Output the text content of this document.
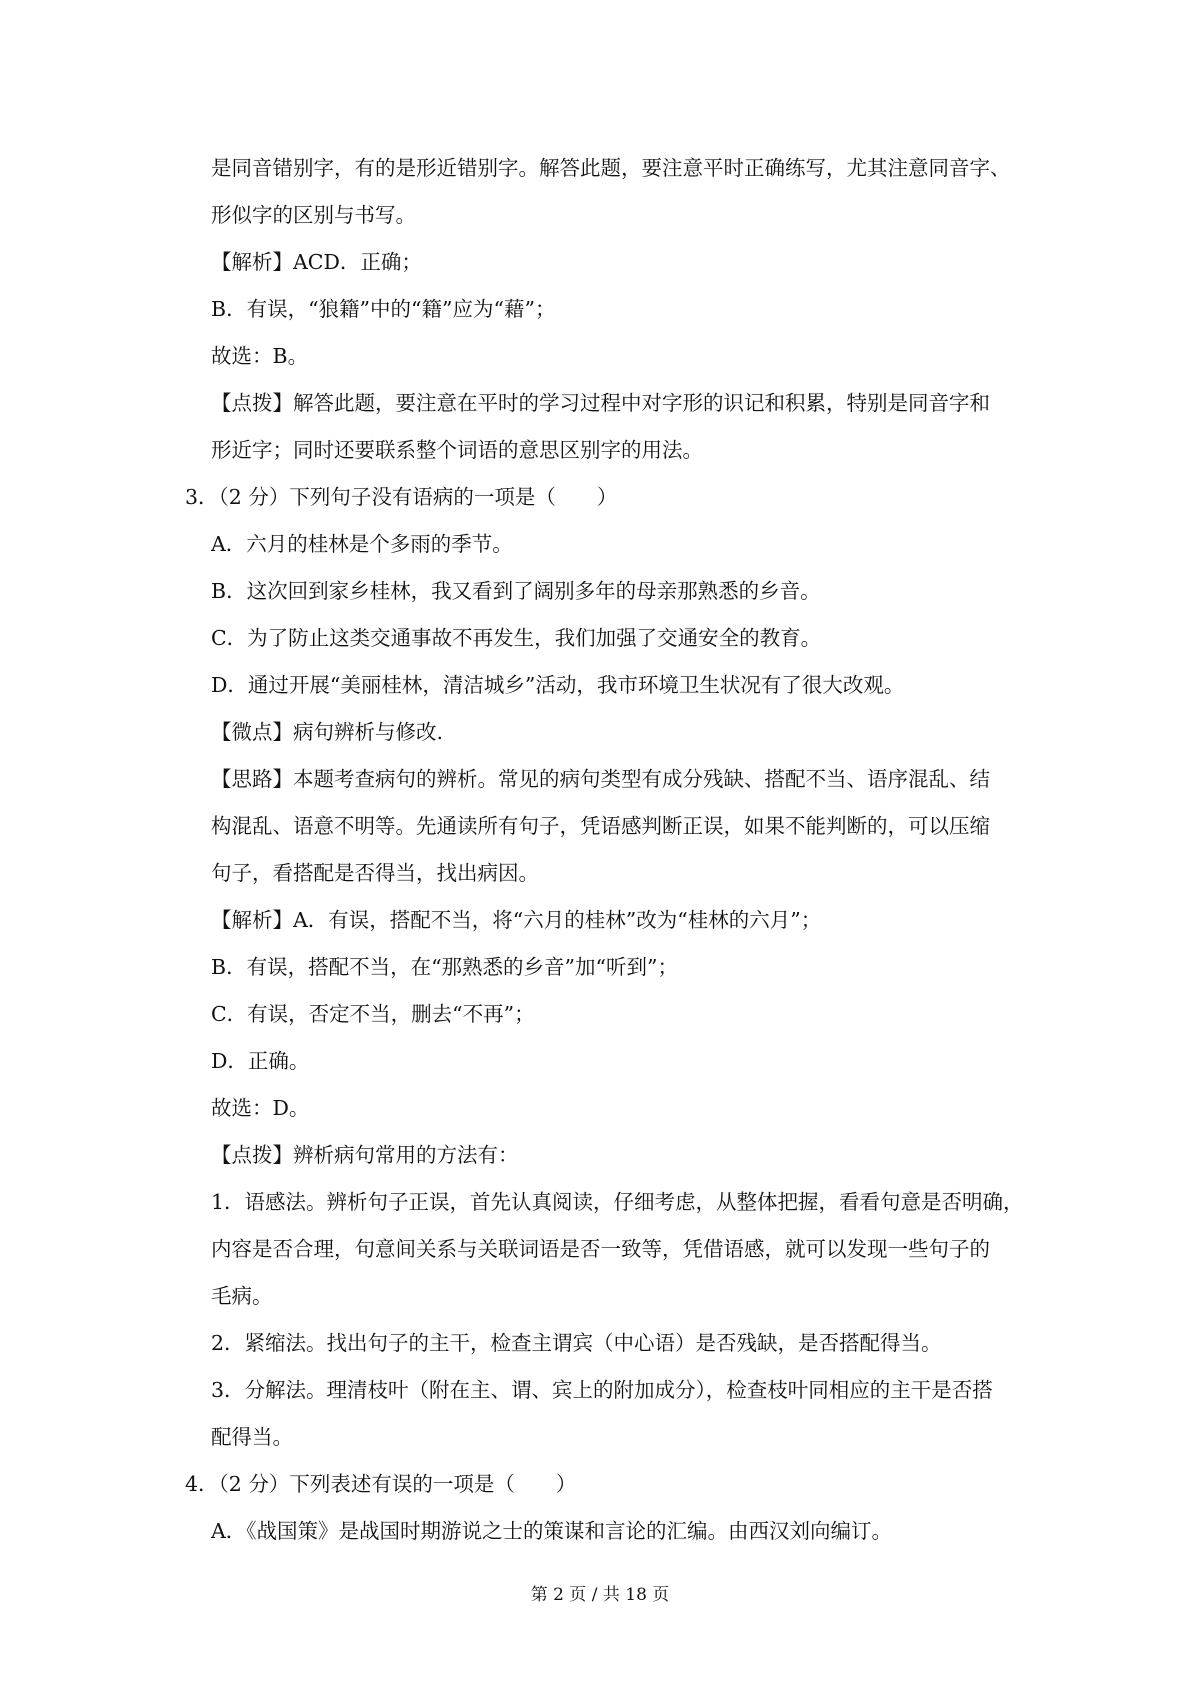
是同音错别字，有的是形近错别字。解答此题，要注意平时正确练写，尤其注意同音字、
形似字的区别与书写。
【解析】ACD．正确；
B．有误，“狼籍”中的“籍”应为“藉”；
故选：B。
【点拨】解答此题，要注意在平时的学习过程中对字形的识记和积累，特别是同音字和
形近字；同时还要联系整个词语的意思区别字的用法。
3．（2 分）下列句子没有语病的一项是（　　）
A．六月的桂林是个多雨的季节。
B．这次回到家乡桂林，我又看到了阔别多年的母亲那熟悉的乡音。
C．为了防止这类交通事故不再发生，我们加强了交通安全的教育。
D．通过开展“美丽桂林，清洁城乡”活动，我市环境卫生状况有了很大改观。
【微点】病句辨析与修改.
【思路】本题考查病句的辨析。常见的病句类型有成分残缺、搭配不当、语序混乱、结
构混乱、语意不明等。先通读所有句子，凭语感判断正误，如果不能判断的，可以压缩
句子，看搭配是否得当，找出病因。
【解析】A．有误，搭配不当，将“六月的桂林”改为“桂林的六月”；
B．有误，搭配不当，在“那熟悉的乡音”加“听到”；
C．有误，否定不当，删去“不再”；
D．正确。
故选：D。
【点拨】辨析病句常用的方法有：
1．语感法。辨析句子正误，首先认真阅读，仔细考虑，从整体把握，看看句意是否明确，
内容是否合理，句意间关系与关联词语是否一致等，凭借语感，就可以发现一些句子的
毛病。
2．紧缩法。找出句子的主干，检查主谓宾（中心语）是否残缺，是否搭配得当。
3．分解法。理清枝叶（附在主、谓、宾上的附加成分），检查枝叶同相应的主干是否搭
配得当。
4．（2 分）下列表述有误的一项是（　　）
A．《战国策》是战国时期游说之士的策谋和言论的汇编。由西汉刘向编订。
第 2 页 / 共 18 页
